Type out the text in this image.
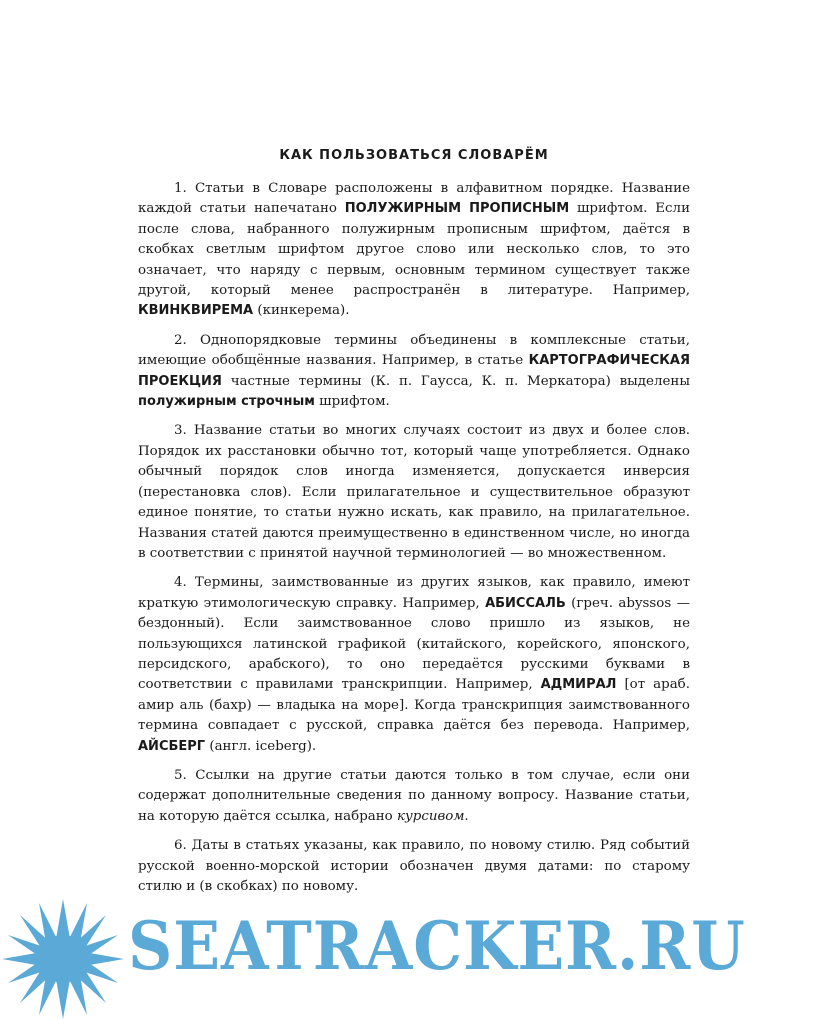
КАК ПОЛЬЗОВАТЬСЯ СЛОВАРЁМ

1. Статьи в Словаре расположены в алфавитном порядке. Название каждой статьи напечатано ПОЛУЖИРНЫМ ПРОПИСНЫМ шрифтом. Если после слова, набранного полужирным прописным шрифтом, даётся в скобках светлым шрифтом другое слово или несколько слов, то это означает, что наряду с первым, основным термином существует также другой, который менее распространён в литературе. Например, КВИНКВИРЕМА (кинкерема).

2. Однопорядковые термины объединены в комплексные статьи, имеющие обобщённые названия. Например, в статье КАРТОГРАФИЧЕСКАЯ ПРОЕКЦИЯ частные термины (К. п. Гаусса, К. п. Меркатора) выделены полужирным строчным шрифтом.

3. Название статьи во многих случаях состоит из двух и более слов. Порядок их расстановки обычно тот, который чаще употребляется. Однако обычный порядок слов иногда изменяется, допускается инверсия (перестановка слов). Если прилагательное и существительное образуют единое понятие, то статьи нужно искать, как правило, на прилагательное. Названия статей даются преимущественно в единственном числе, но иногда в соответствии с принятой научной терминологией — во множественном.

4. Термины, заимствованные из других языков, как правило, имеют краткую этимологическую справку. Например, АБИССАЛЬ (греч. abyssos — бездонный). Если заимствованное слово пришло из языков, не пользующихся латинской графикой (китайского, корейского, японского, персидского, арабского), то оно передаётся русскими буквами в соответствии с правилами транскрипции. Например, АДМИРАЛ [от араб. амир аль (бахр) — владыка на море]. Когда транскрипция заимствованного термина совпадает с русской, справка даётся без перевода. Например, АЙСБЕРГ (англ. iceberg).

5. Ссылки на другие статьи даются только в том случае, если они содержат дополнительные сведения по данному вопросу. Название статьи, на которую даётся ссылка, набрано курсивом.

6. Даты в статьях указаны, как правило, по новому стилю. Ряд событий русской военно-морской истории обозначен двумя датами: по старому стилю и (в скобках) по новому.

SEATRACKER.RU
